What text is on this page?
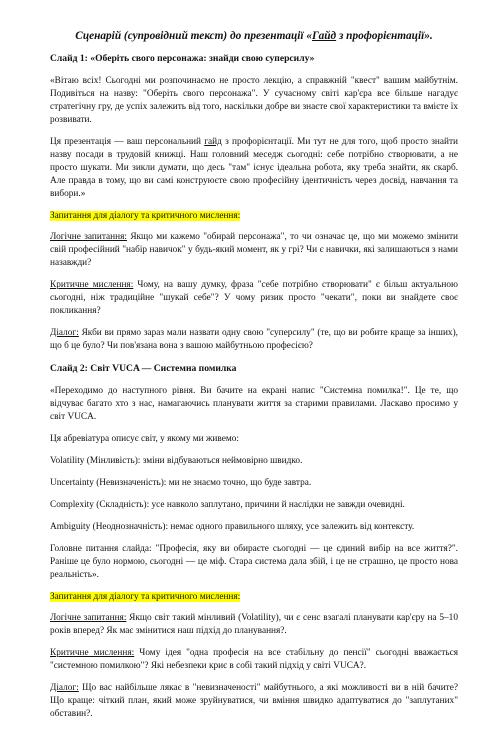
Сценарій (супровідний текст) до презентації «Гайд з профорієнтації».
Слайд 1: «Оберіть свого персонажа: знайди свою суперсилу»

«Вітаю всіх! Сьогодні ми розпочинаємо не просто лекцію, а справжній "квест" вашим майбутнім. Подивіться на назву: "Оберіть свого персонажа". У сучасному світі кар'єра все більше нагадує стратегічну гру, де успіх залежить від того, наскільки добре ви знаєте свої характеристики та вмієте їх розвивати.

Ця презентація — ваш персональний гайд з профорієнтації. Ми тут не для того, щоб просто знайти назву посади в трудовій книжці. Наш головний меседж сьогодні: себе потрібно створювати, а не просто шукати. Ми зикли думати, що десь "там" існує ідеальна робота, яку треба знайти, як скарб. Але правда в тому, що ви самі конструюєте свою професійну ідентичність через досвід, навчання та вибори.»

Запитання для діалогу та критичного мислення:

Логічне запитання: Якщо ми кажемо "обирай персонажа", то чи означає це, що ми можемо змінити свій професійний "набір навичок" у будь-який момент, як у грі? Чи є навички, які залишаються з нами назавжди?

Критичне мислення: Чому, на вашу думку, фраза "себе потрібно створювати" є більш актуальною сьогодні, ніж традиційне "шукай себе"? У чому ризик просто "чекати", поки ви знайдете своє покликання?

Діалог: Якби ви прямо зараз мали назвати одну свою "суперсилу" (те, що ви робите краще за інших), що б це було? Чи пов'язана вона з вашою майбутньою професією?

Слайд 2: Світ VUCA — Системна помилка

«Переходимо до наступного рівня. Ви бачите на екрані напис "Системна помилка!". Це те, що відчуває багато хто з нас, намагаючись планувати життя за старими правилами. Ласкаво просимо у світ VUCA.

Ця абревіатура описує світ, у якому ми живемо:

Volatility (Мінливість): зміни відбуваються неймовірно швидко.

Uncertainty (Невизначеність): ми не знаємо точно, що буде завтра.

Complexity (Складність): усе навколо заплутано, причини й наслідки не завжди очевидні.

Ambiguity (Неоднозначність): немає одного правильного шляху, усе залежить від контексту.

Головне питання слайда: "Професія, яку ви обираєте сьогодні — це єдиний вибір на все життя?". Раніше це було нормою, сьогодні — це міф. Стара система дала збій, і це не страшно, це просто нова реальність».

Запитання для діалогу та критичного мислення:

Логічне запитання: Якщо світ такий мінливий (Volatility), чи є сенс взагалі планувати кар'єру на 5–10 років вперед? Як має змінитися наш підхід до планування?.

Критичне мислення: Чому ідея "одна професія на все стабільну до пенсії" сьогодні вважається "системною помилкою"? Які небезпеки криє в собі такий підхід у світі VUCA?.

Діалог: Що вас найбільше лякає в "невизначеності" майбутнього, а які можливості ви в ній бачите? Що краще: чіткий план, який може зруйнуватися, чи вміння швидко адаптуватися до "заплутаних" обставин?.
